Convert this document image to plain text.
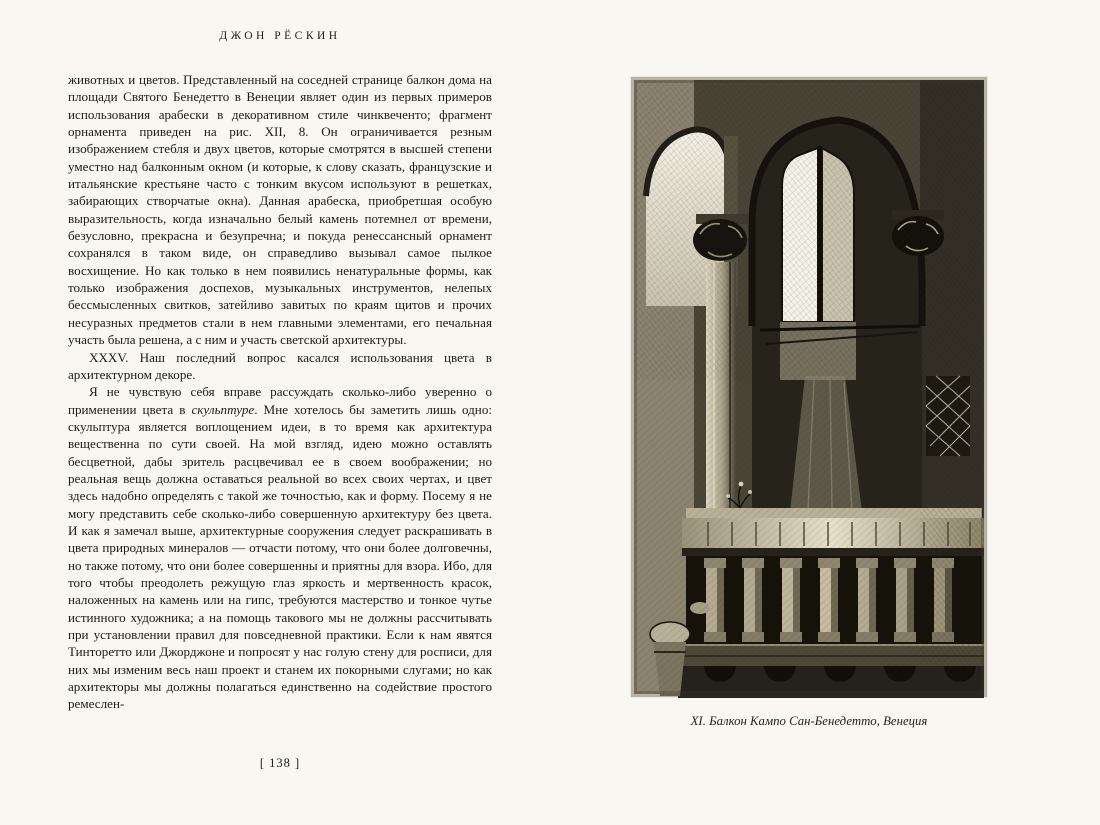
ДЖОН РЁСКИН

животных и цветов. Представленный на соседней странице балкон дома на площади Святого Бенедетто в Венеции являет один из первых примеров использования арабески в декоративном стиле чинквеченто; фрагмент орнамента приведен на рис. XII, 8. Он ограничивается резным изображением стебля и двух цветов, которые смотрятся в высшей степени уместно над балконным окном (и которые, к слову сказать, французские и итальянские крестьяне часто с тонким вкусом используют в решетках, забирающих створчатые окна). Данная арабеска, приобретшая особую выразительность, когда изначально белый камень потемнел от времени, безусловно, прекрасна и безупречна; и покуда ренессансный орнамент сохранялся в таком виде, он справедливо вызывал самое пылкое восхищение. Но как только в нем появились ненатуральные формы, как только изображения доспехов, музыкальных инструментов, нелепых бессмысленных свитков, затейливо завитых по краям щитов и прочих несуразных предметов стали в нем главными элементами, его печальная участь была решена, а с ним и участь светской архитектуры.

XXXV. Наш последний вопрос касался использования цвета в архитектурном декоре.

Я не чувствую себя вправе рассуждать сколько-либо уверенно о применении цвета в скульптуре. Мне хотелось бы заметить лишь одно: скульптура является воплощением идеи, в то время как архитектура вещественна по сути своей. На мой взгляд, идею можно оставлять бесцветной, дабы зритель расцвечивал ее в своем воображении; но реальная вещь должна оставаться реальной во всех своих чертах, и цвет здесь надобно определять с такой же точностью, как и форму. Посему я не могу представить себе сколько-либо совершенную архитектуру без цвета. И как я замечал выше, архитектурные сооружения следует раскрашивать в цвета природных минералов — отчасти потому, что они более долговечны, но также потому, что они более совершенны и приятны для взора. Ибо, для того чтобы преодолеть режущую глаз яркость и мертвенность красок, наложенных на камень или на гипс, требуются мастерство и тонкое чутье истинного художника; а на помощь такового мы не должны рассчитывать при установлении правил для повседневной практики. Если к нам явятся Тинторетто или Джорджоне и попросят у нас голую стену для росписи, для них мы изменим весь наш проект и станем их покорными слугами; но как архитекторы мы должны полагаться единственно на содействие простого ремеслен-

[ 138 ]
XI. Балкон Кампо Сан-Бенедетто, Венеция
